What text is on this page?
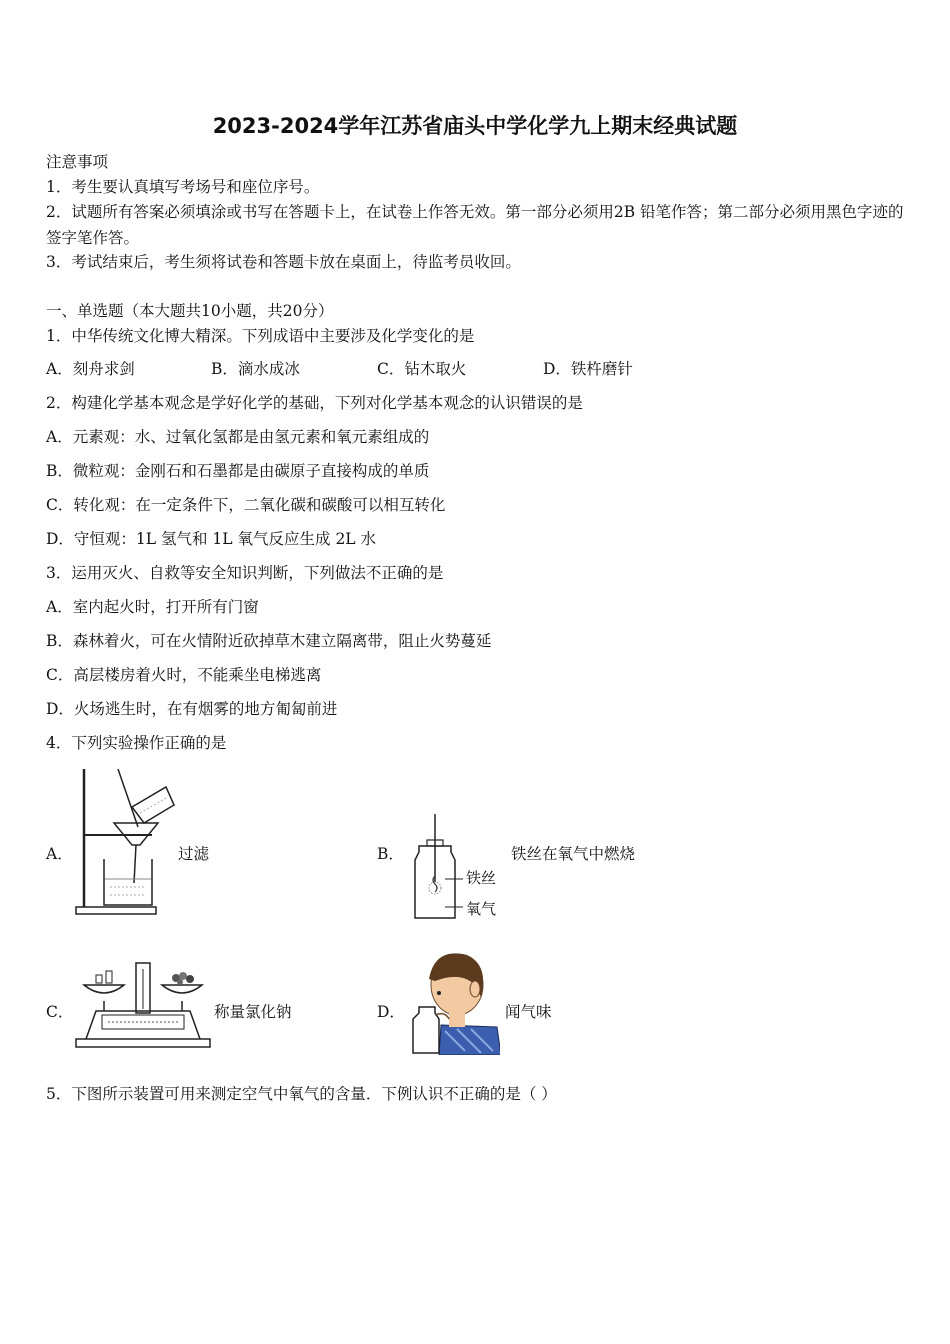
2023-2024学年江苏省庙头中学化学九上期末经典试题
注意事项
1．考生要认真填写考场号和座位序号。
2．试题所有答案必须填涂或书写在答题卡上，在试卷上作答无效。第一部分必须用2B 铅笔作答；第二部分必须用黑色字迹的签字笔作答。
3．考试结束后，考生须将试卷和答题卡放在桌面上，待监考员收回。
一、单选题（本大题共10小题，共20分）
1．中华传统文化博大精深。下列成语中主要涉及化学变化的是
A．刻舟求剑	B．滴水成冰	C．钻木取火	D．铁杵磨针
2．构建化学基本观念是学好化学的基础，下列对化学基本观念的认识错误的是
A．元素观：水、过氧化氢都是由氢元素和氧元素组成的
B．微粒观：金刚石和石墨都是由碳原子直接构成的单质
C．转化观：在一定条件下，二氧化碳和碳酸可以相互转化
D．守恒观：1L 氢气和 1L 氧气反应生成 2L 水
3．运用灭火、自救等安全知识判断，下列做法不正确的是
A．室内起火时，打开所有门窗
B．森林着火，可在火情附近砍掉草木建立隔离带，阻止火势蔓延
C．高层楼房着火时，不能乘坐电梯逃离
D．火场逃生时，在有烟雾的地方匍匐前进
4．下列实验操作正确的是
A．	过滤	B．
铁丝
氧气
铁丝在氧气中燃烧
C．	称量氯化钠	D．	闻气味
5．下图所示装置可用来测定空气中氧气的含量．下例认识不正确的是（ ）
